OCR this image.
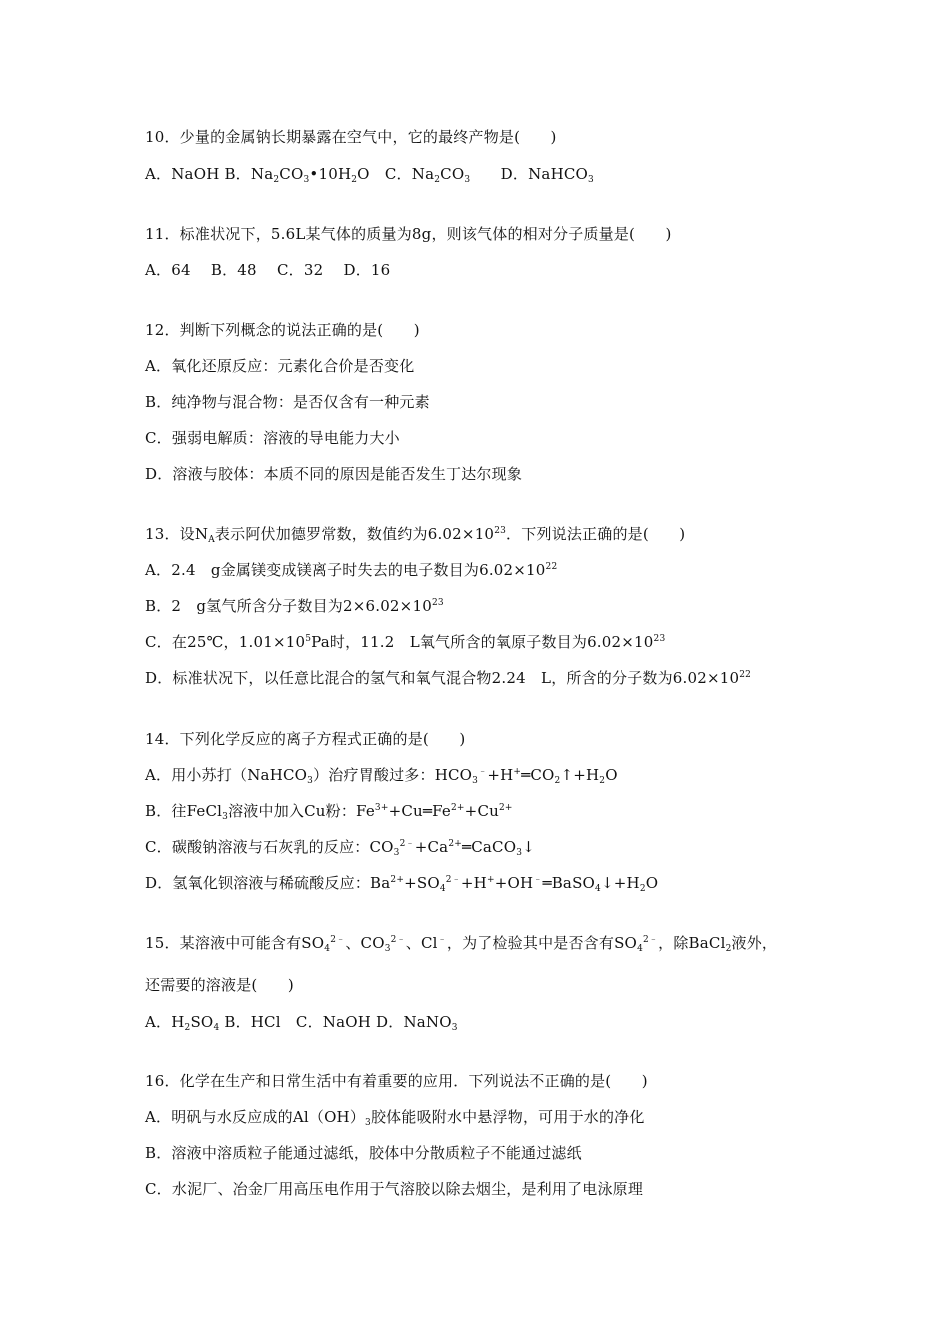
10．少量的金属钠长期暴露在空气中，它的最终产物是(　　)
A．NaOH B．$Na_2CO_3•10H_2O$　C．$Na_2CO_3$　　D．NaHCO$_3$
11．标准状况下，5.6L某气体的质量为8g，则该气体的相对分子质量是(　　)
A．64　 B．48　 C．32　 D．16
12．判断下列概念的说法正确的是(　　)
A．氧化还原反应：元素化合价是否变化
B．纯净物与混合物：是否仅含有一种元素
C．强弱电解质：溶液的导电能力大小
D．溶液与胶体：本质不同的原因是能否发生丁达尔现象
13．设$N_A$表示阿伏加德罗常数，数值约为$6.02\times 10^{23}$．下列说法正确的是(　　)
A．2.4　g金属镁变成镁离子时失去的电子数目为$6.02\times 10^{22}$
B．2　g氢气所含分子数目为$2\times 6.02\times 10^{23}$
C．在25℃，$1.01\times 10^5Pa$时，11.2　L氧气所含的氧原子数目为$6.02\times 10^{23}$
D．标准状况下，以任意比混合的氢气和氧气混合物2.24　L，所含的分子数为$6.02\times 10^{22}$
14．下列化学反应的离子方程式正确的是(　　)
A．用小苏打（NaHCO$_3$）治疗胃酸过多：$HCO_3^﹣+H^+═CO_2↑+H_2O$
B．往FeCl$_3$溶液中加入Cu粉：$Fe^{3+}+Cu═Fe^{2+}+Cu^{2+}$
C．碳酸钠溶液与石灰乳的反应：$CO_3^{2﹣}+Ca^{2+}═CaCO_3↓$
D．氢氧化钡溶液与稀硫酸反应：$Ba^{2+}+SO_4^{2﹣}+H^++OH^﹣═BaSO_4↓+H_2O$
15．某溶液中可能含有$SO_4^{2﹣}$、$CO_3^{2﹣}$、Cl﹣，为了检验其中是否含有$SO_4^{2﹣}$，除BaCl$_2$液外，
还需要的溶液是(　　)
A．$H_2SO_4$ B．HCl　C．NaOH D．NaNO$_3$
16．化学在生产和日常生活中有着重要的应用．下列说法不正确的是(　　)
A．明矾与水反应成的$Al(OH)_3$胶体能吸附水中悬浮物，可用于水的净化
B．溶液中溶质粒子能通过滤纸，胶体中分散质粒子不能通过滤纸
C．水泥厂、冶金厂用高压电作用于气溶胶以除去烟尘，是利用了电泳原理
